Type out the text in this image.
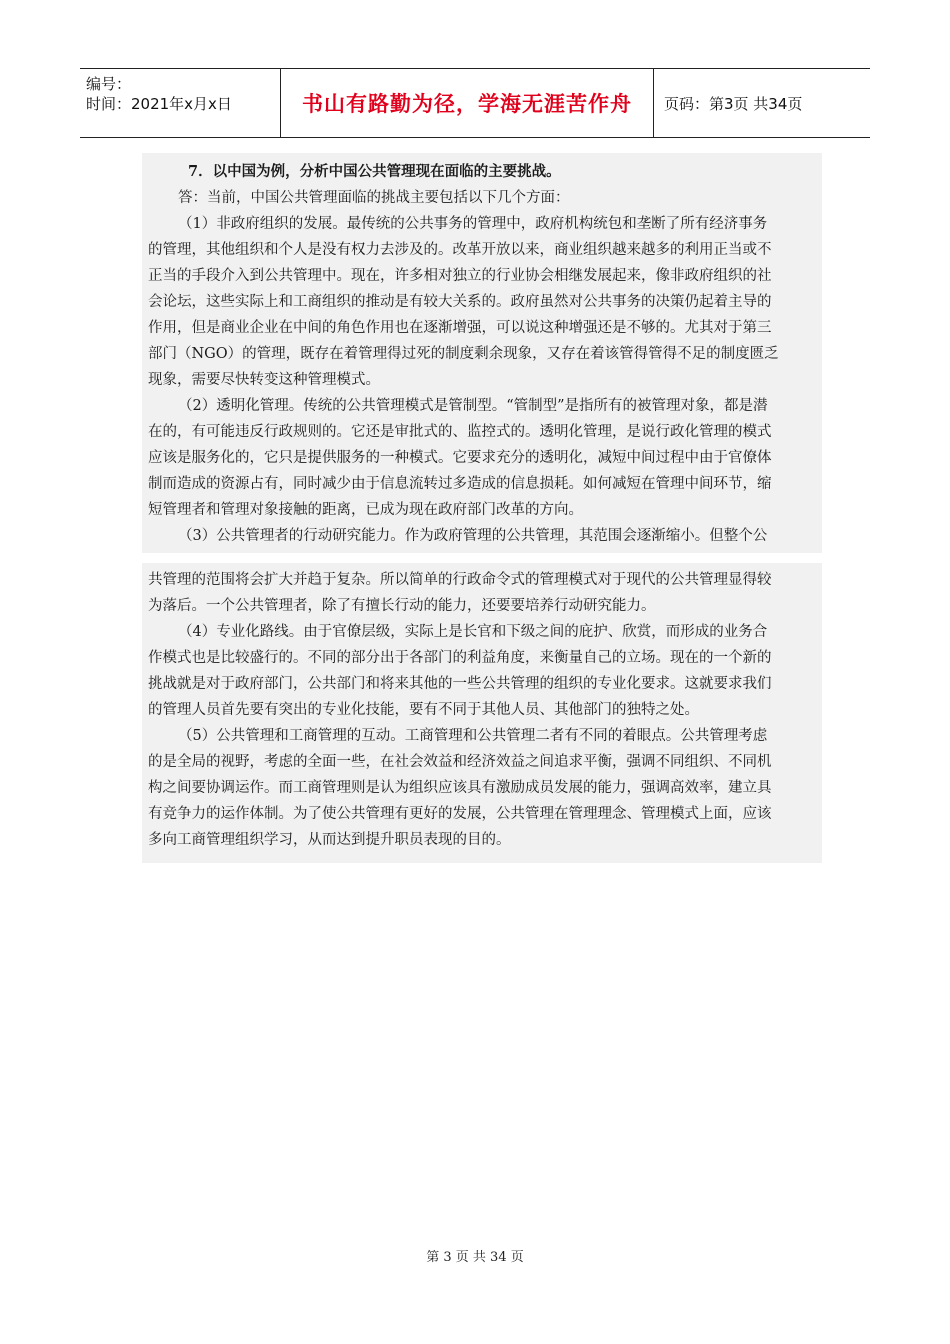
编号：
时间：2021年x月x日	书山有路勤为径，学海无涯苦作舟	页码：第3页 共34页
7．以中国为例，分析中国公共管理现在面临的主要挑战。
答：当前，中国公共管理面临的挑战主要包括以下几个方面：
（1）非政府组织的发展。最传统的公共事务的管理中，政府机构统包和垄断了所有经济事务
的管理，其他组织和个人是没有权力去涉及的。改革开放以来，商业组织越来越多的利用正当或不
正当的手段介入到公共管理中。现在，许多相对独立的行业协会相继发展起来，像非政府组织的社
会论坛，这些实际上和工商组织的推动是有较大关系的。政府虽然对公共事务的决策仍起着主导的
作用，但是商业企业在中间的角色作用也在逐渐增强，可以说这种增强还是不够的。尤其对于第三
部门（NGO）的管理，既存在着管理得过死的制度剩余现象，又存在着该管得管得不足的制度匮乏
现象，需要尽快转变这种管理模式。
（2）透明化管理。传统的公共管理模式是管制型。“管制型”是指所有的被管理对象，都是潜
在的，有可能违反行政规则的。它还是审批式的、监控式的。透明化管理，是说行政化管理的模式
应该是服务化的，它只是提供服务的一种模式。它要求充分的透明化，减短中间过程中由于官僚体
制而造成的资源占有，同时减少由于信息流转过多造成的信息损耗。如何减短在管理中间环节，缩
短管理者和管理对象接触的距离，已成为现在政府部门改革的方向。
（3）公共管理者的行动研究能力。作为政府管理的公共管理，其范围会逐渐缩小。但整个公
共管理的范围将会扩大并趋于复杂。所以简单的行政命令式的管理模式对于现代的公共管理显得较
为落后。一个公共管理者，除了有擅长行动的能力，还要要培养行动研究能力。
（4）专业化路线。由于官僚层级，实际上是长官和下级之间的庇护、欣赏，而形成的业务合
作模式也是比较盛行的。不同的部分出于各部门的利益角度，来衡量自己的立场。现在的一个新的
挑战就是对于政府部门，公共部门和将来其他的一些公共管理的组织的专业化要求。这就要求我们
的管理人员首先要有突出的专业化技能，要有不同于其他人员、其他部门的独特之处。
（5）公共管理和工商管理的互动。工商管理和公共管理二者有不同的着眼点。公共管理考虑
的是全局的视野，考虑的全面一些，在社会效益和经济效益之间追求平衡，强调不同组织、不同机
构之间要协调运作。而工商管理则是认为组织应该具有激励成员发展的能力，强调高效率，建立具
有竞争力的运作体制。为了使公共管理有更好的发展，公共管理在管理理念、管理模式上面，应该
多向工商管理组织学习，从而达到提升职员表现的目的。
第 3 页 共 34 页
